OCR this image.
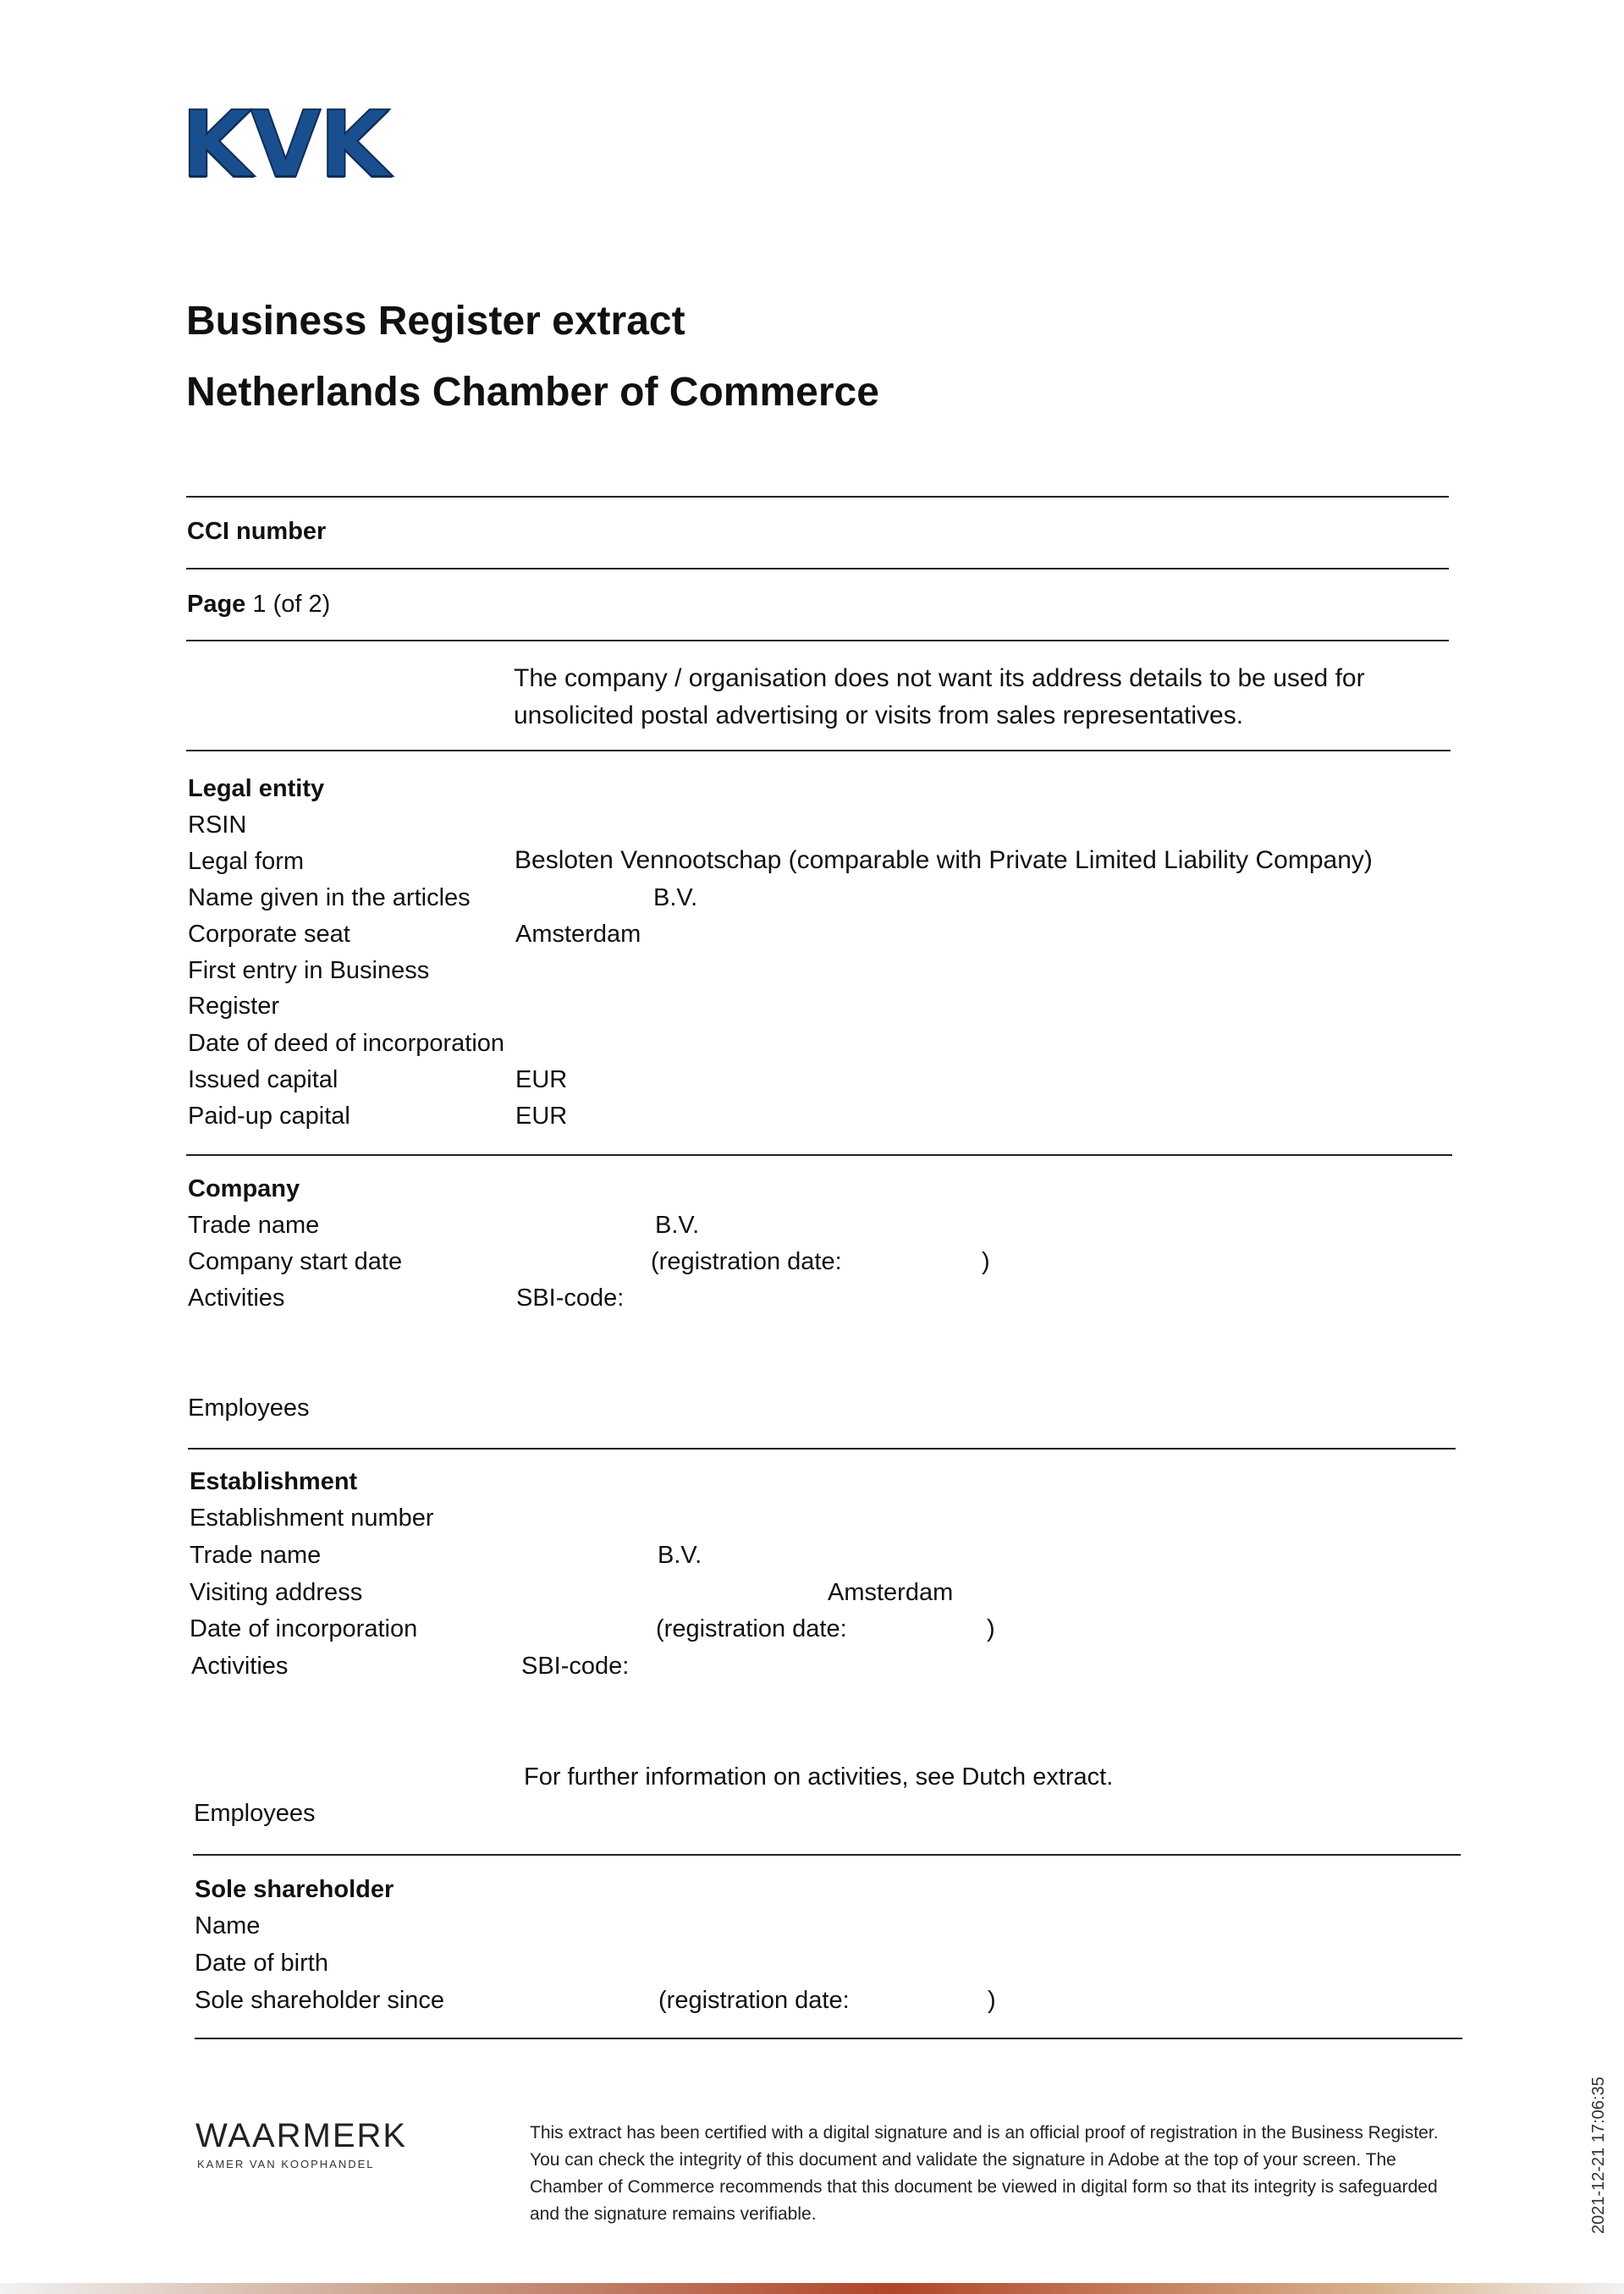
KVK
Business Register extract
Netherlands Chamber of Commerce
CCI number
Page 1 (of 2)
The company / organisation does not want its address details to be used for unsolicited postal advertising or visits from sales representatives.
Legal entity
RSIN
Legal form	Besloten Vennootschap (comparable with Private Limited Liability Company)
Name given in the articles	B.V.
Corporate seat	Amsterdam
First entry in Business
Register
Date of deed of incorporation
Issued capital	EUR
Paid-up capital	EUR
Company
Trade name	B.V.
Company start date	(registration date:	)
Activities	SBI-code:
Employees
Establishment
Establishment number
Trade name	B.V.
Visiting address	Amsterdam
Date of incorporation	(registration date:	)
Activities	SBI-code:
For further information on activities, see Dutch extract.
Employees
Sole shareholder
Name
Date of birth
Sole shareholder since	(registration date:	)
WAARMERK
KAMER VAN KOOPHANDEL
This extract has been certified with a digital signature and is an official proof of registration in the Business Register. You can check the integrity of this document and validate the signature in Adobe at the top of your screen. The Chamber of Commerce recommends that this document be viewed in digital form so that its integrity is safeguarded and the signature remains verifiable.	2021-12-21 17:06:35
